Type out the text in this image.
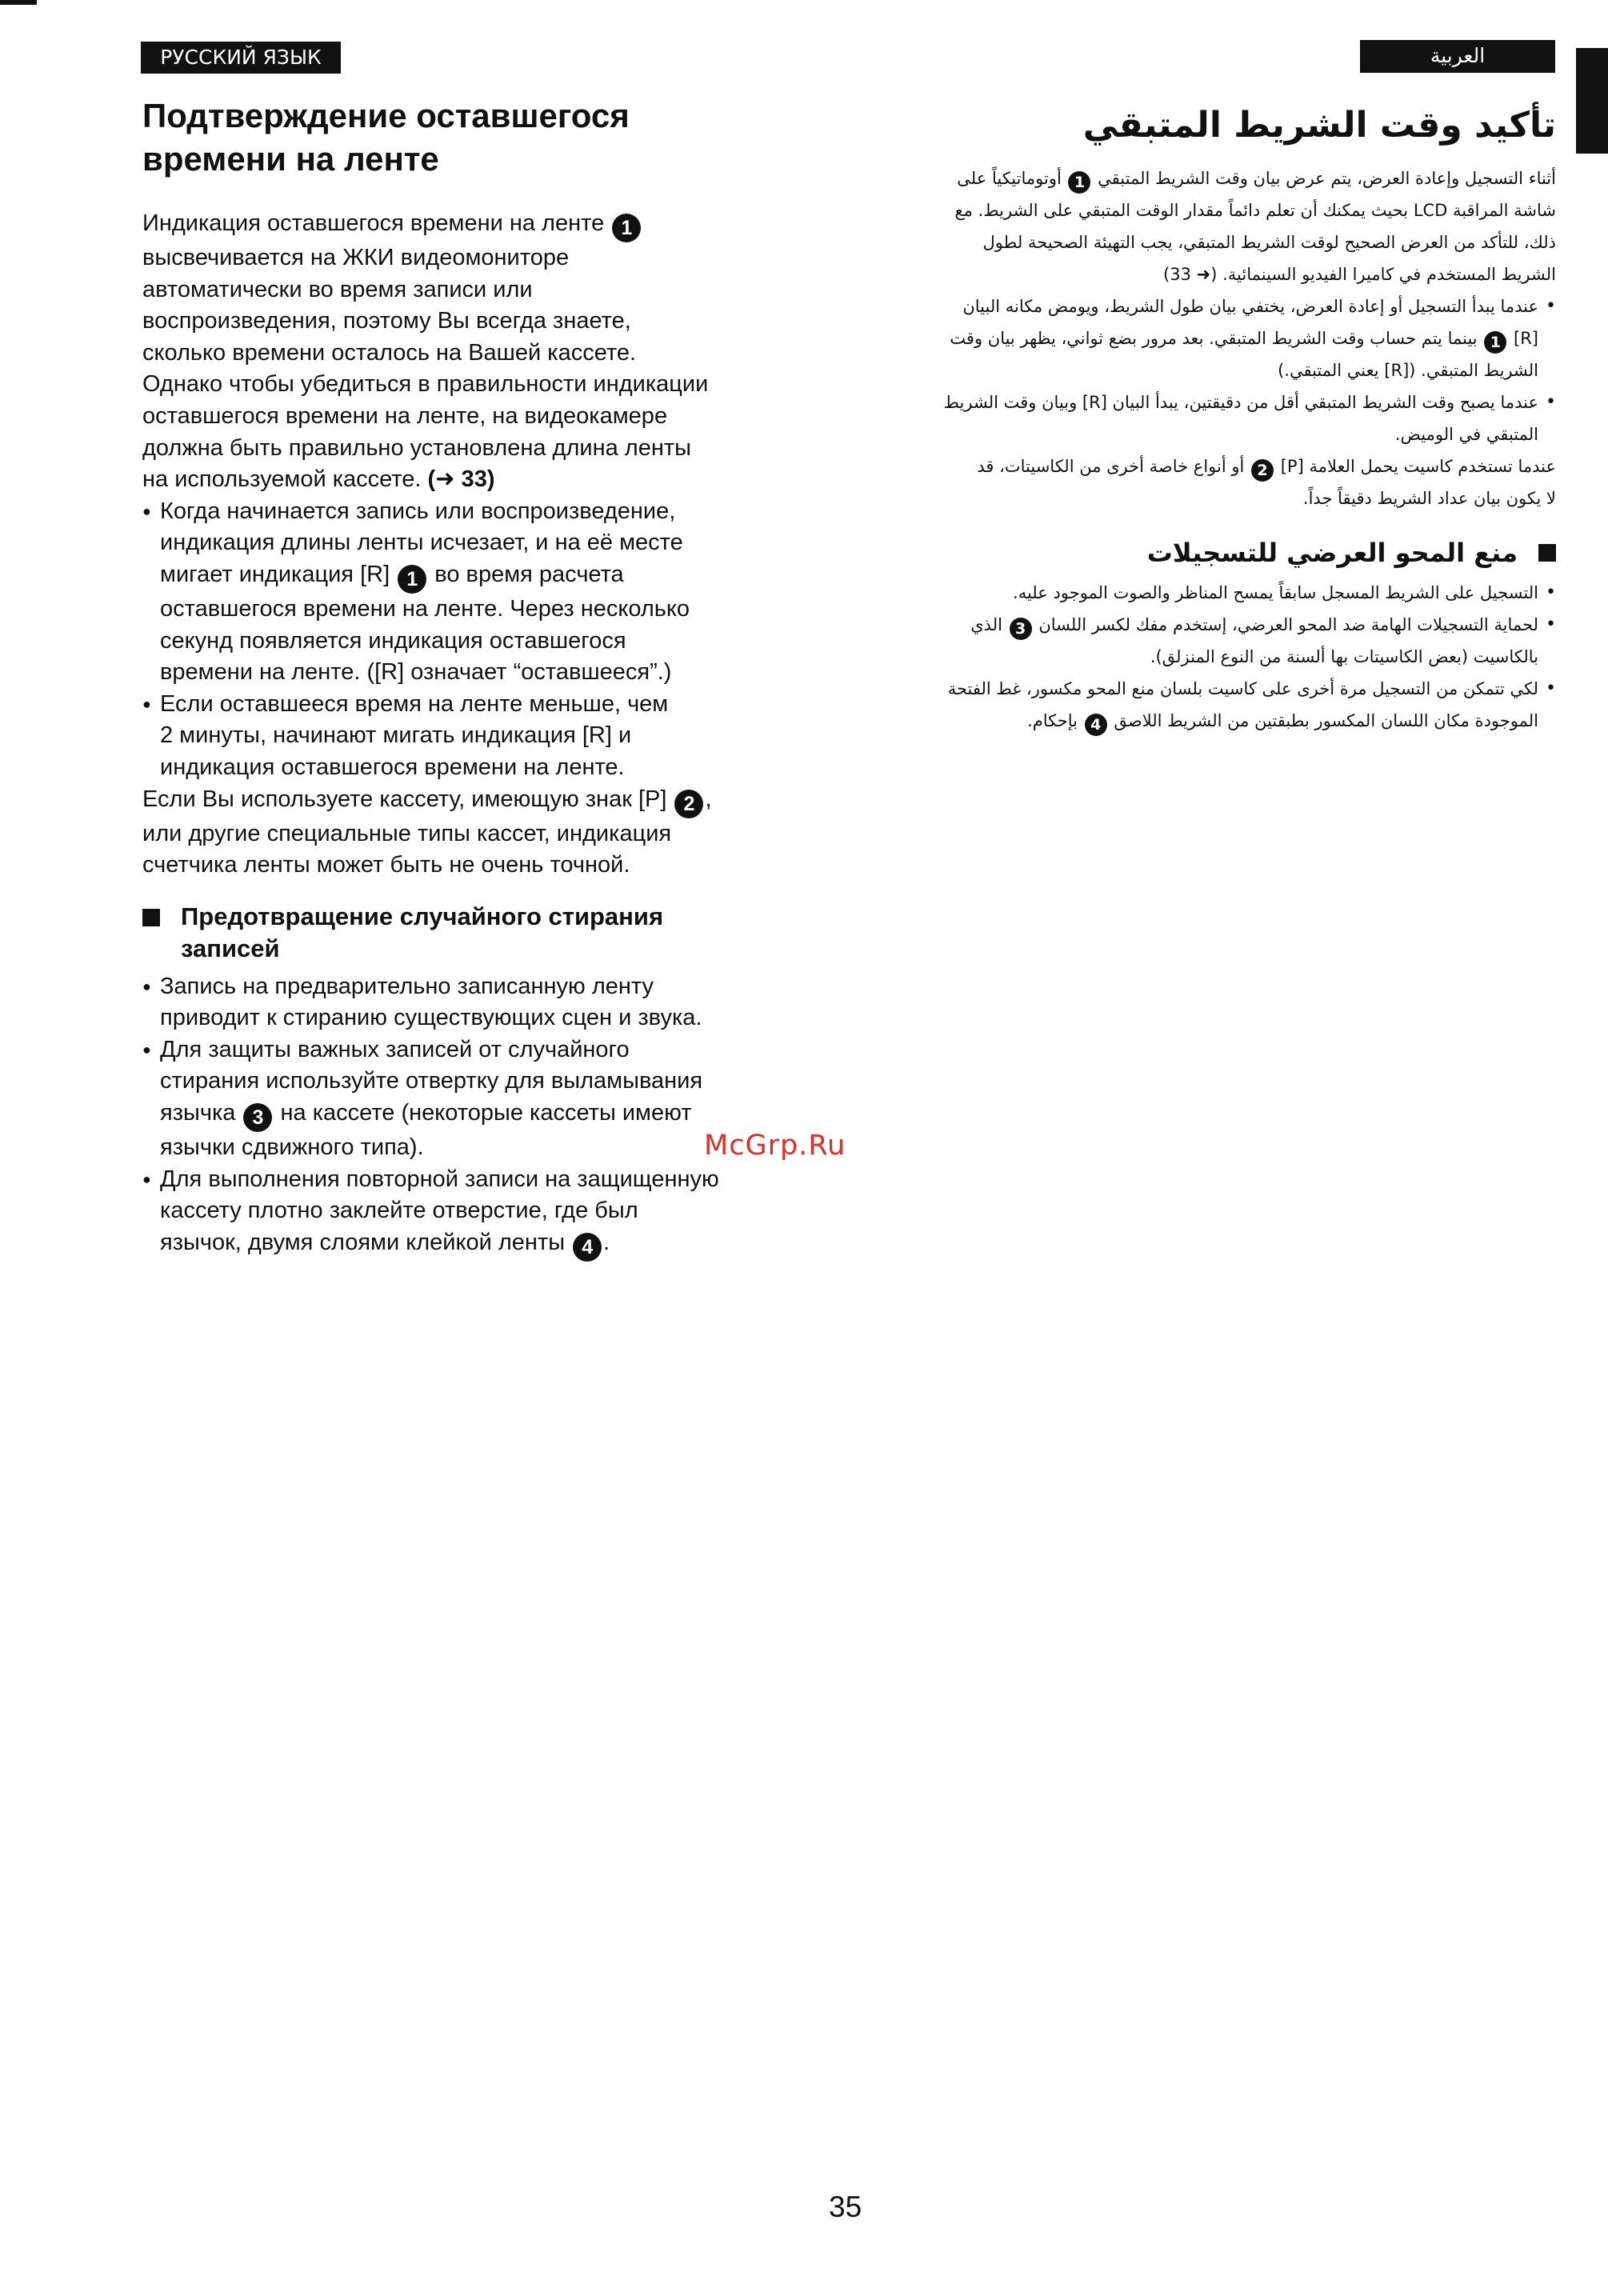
РУССКИЙ ЯЗЫК	العربية
Подтверждение оставшегося
времени на ленте

Индикация оставшегося времени на ленте 1

высвечивается на ЖКИ видеомониторе

автоматически во время записи или

воспроизведения, поэтому Вы всегда знаете,

сколько времени осталось на Вашей кассете.

Однако чтобы убедиться в правильности индикации

оставшегося времени на ленте, на видеокамере

должна быть правильно установлена длина ленты

на используемой кассете. (➜ 33)

● Когда начинается запись или воспроизведение,
индикация длины ленты исчезает, и на её месте
мигает индикация [R] 1 во время расчета
оставшегося времени на ленте. Через несколько
секунд появляется индикация оставшегося
времени на ленте. ([R] означает “оставшееся”.)
● Если оставшееся время на ленте меньше, чем
2 минуты, начинают мигать индикация [R] и
индикация оставшегося времени на ленте.

Если Вы используете кассету, имеющую знак [P] 2 ,

или другие специальные типы кассет, индикация

счетчика ленты может быть не очень точной.

Предотвращение случайного стирания
записей
● Запись на предварительно записанную ленту
приводит к стиранию существующих сцен и звука.
● Для защиты важных записей от случайного
стирания используйте отвертку для выламывания
язычка 3 на кассете (некоторые кассеты имеют
язычки сдвижного типа).
● Для выполнения повторной записи на защищенную
кассету плотно заклейте отверстие, где был
язычок, двумя слоями клейкой ленты 4 .
تأكيد وقت الشريط المتبقي

أثناء التسجيل وإعادة العرض، يتم عرض بيان وقت الشريط المتبقي 1 أوتوماتيكياً على

شاشة المراقبة LCD بحيث يمكنك أن تعلم دائماً مقدار الوقت المتبقي على الشريط. مع

ذلك، للتأكد من العرض الصحيح لوقت الشريط المتبقي، يجب التهيئة الصحيحة لطول

الشريط المستخدم في كاميرا الفيديو السينمائية. (➜ 33)

• عندما يبدأ التسجيل أو إعادة العرض، يختفي بيان طول الشريط، ويومض مكانه البيان
[R] 1 بينما يتم حساب وقت الشريط المتبقي. بعد مرور بضع ثواني، يظهر بيان وقت
الشريط المتبقي. ([R] يعني المتبقي.)
• عندما يصبح وقت الشريط المتبقي أقل من دقيقتين، يبدأ البيان [R] وبيان وقت الشريط
المتبقي في الوميض.

عندما تستخدم كاسيت يحمل العلامة [P] 2 أو أنواع خاصة أخرى من الكاسيتات، قد

لا يكون بيان عداد الشريط دقيقاً جداً.

منع المحو العرضي للتسجيلات
• التسجيل على الشريط المسجل سابقاً يمسح المناظر والصوت الموجود عليه.
• لحماية التسجيلات الهامة ضد المحو العرضي، إستخدم مفك لكسر اللسان 3 الذي
بالكاسيت (بعض الكاسيتات بها ألسنة من النوع المنزلق).
• لكي تتمكن من التسجيل مرة أخرى على كاسيت بلسان منع المحو مكسور، غط الفتحة
الموجودة مكان اللسان المكسور بطبقتين من الشريط اللاصق 4 بإحكام.
McGrp.Ru
35
